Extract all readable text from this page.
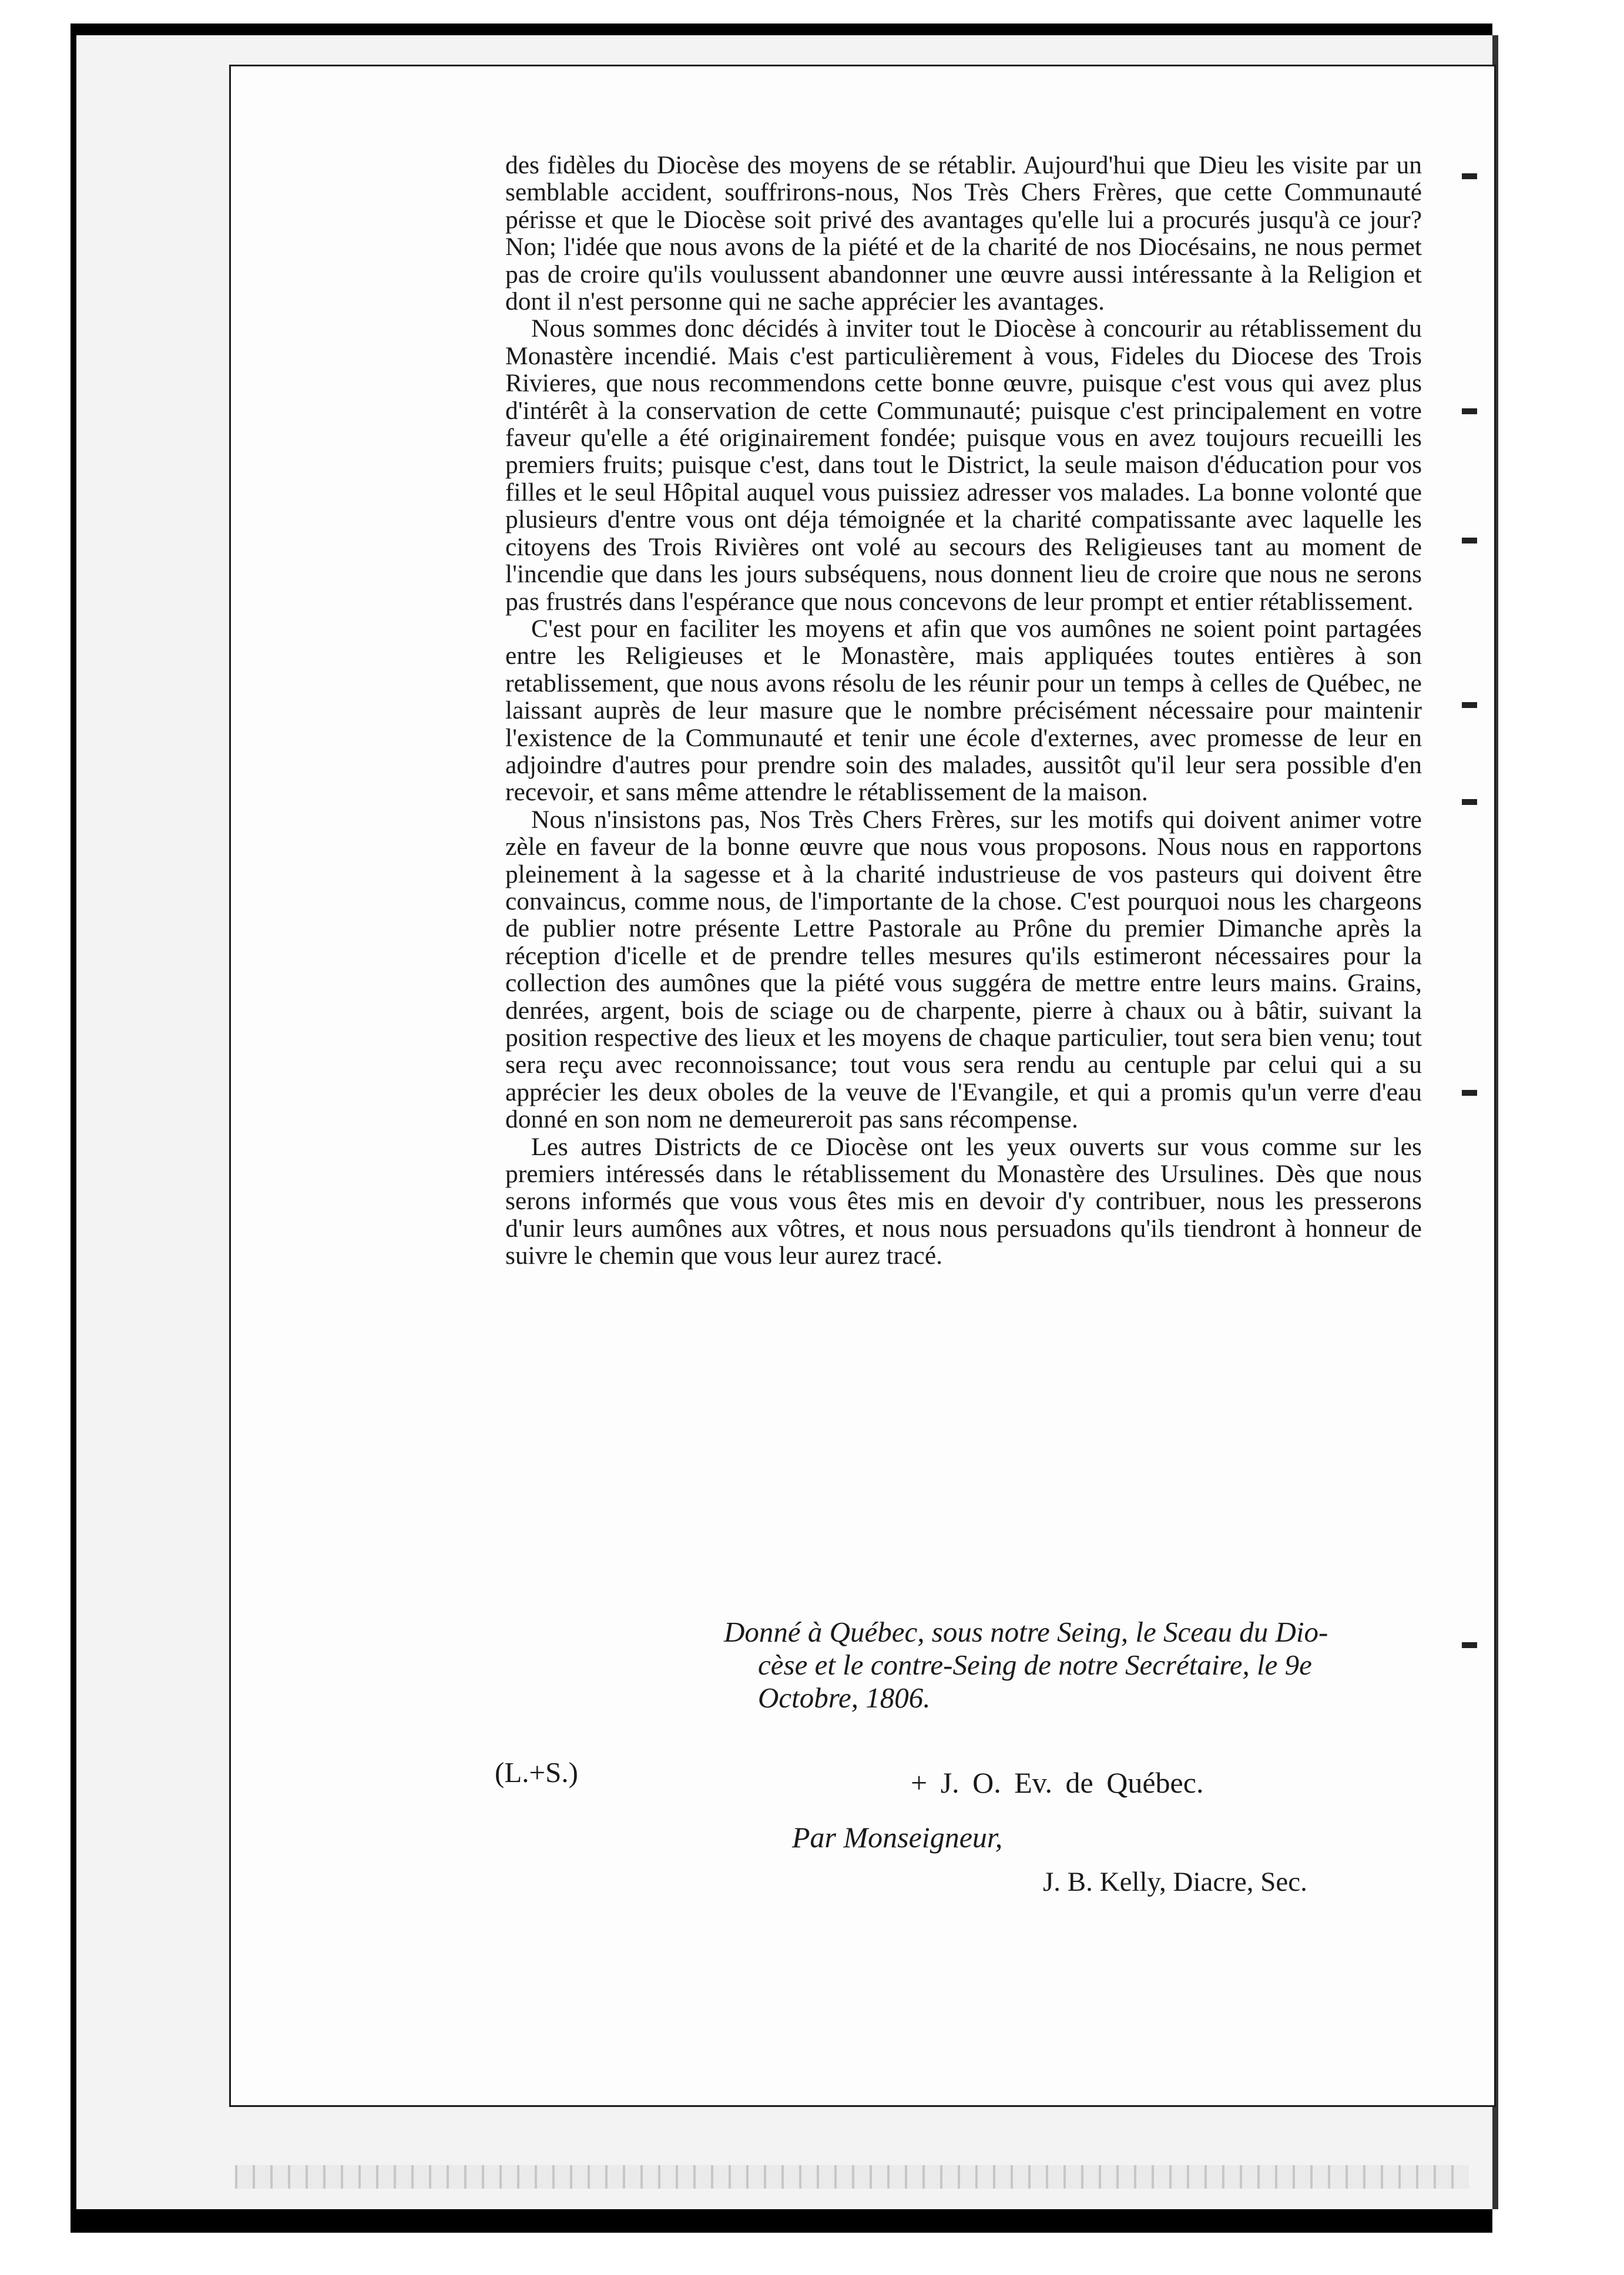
des fidèles du Diocèse des moyens de se rétablir. Aujourd'hui que Dieu les visite par un semblable accident, souffrirons-nous, Nos Très Chers Frères, que cette Communauté périsse et que le Diocèse soit privé des avantages qu'elle lui a procurés jusqu'à ce jour? Non; l'idée que nous avons de la piété et de la charité de nos Diocésains, ne nous permet pas de croire qu'ils voulussent abandonner une œuvre aussi intéressante à la Religion et dont il n'est personne qui ne sache apprécier les avantages.

Nous sommes donc décidés à inviter tout le Diocèse à concourir au rétablissement du Monastère incendié. Mais c'est particulièrement à vous, Fideles du Diocese des Trois Rivieres, que nous recommendons cette bonne œuvre, puisque c'est vous qui avez plus d'intérêt à la conservation de cette Communauté; puisque c'est principalement en votre faveur qu'elle a été originairement fondée; puisque vous en avez toujours recueilli les premiers fruits; puisque c'est, dans tout le District, la seule maison d'éducation pour vos filles et le seul Hôpital auquel vous puissiez adresser vos malades. La bonne volonté que plusieurs d'entre vous ont déja témoignée et la charité compatissante avec laquelle les citoyens des Trois Rivières ont volé au secours des Religieuses tant au moment de l'incendie que dans les jours subséquens, nous donnent lieu de croire que nous ne serons pas frustrés dans l'espérance que nous concevons de leur prompt et entier rétablissement.

C'est pour en faciliter les moyens et afin que vos aumônes ne soient point partagées entre les Religieuses et le Monastère, mais appliquées toutes entières à son retablissement, que nous avons résolu de les réunir pour un temps à celles de Québec, ne laissant auprès de leur masure que le nombre précisément nécessaire pour maintenir l'existence de la Communauté et tenir une école d'externes, avec promesse de leur en adjoindre d'autres pour prendre soin des malades, aussitôt qu'il leur sera possible d'en recevoir, et sans même attendre le rétablissement de la maison.

Nous n'insistons pas, Nos Très Chers Frères, sur les motifs qui doivent animer votre zèle en faveur de la bonne œuvre que nous vous proposons. Nous nous en rapportons pleinement à la sagesse et à la charité industrieuse de vos pasteurs qui doivent être convaincus, comme nous, de l'importante de la chose. C'est pourquoi nous les chargeons de publier notre présente Lettre Pastorale au Prône du premier Dimanche après la réception d'icelle et de prendre telles mesures qu'ils estimeront nécessaires pour la collection des aumônes que la piété vous suggéra de mettre entre leurs mains. Grains, denrées, argent, bois de sciage ou de charpente, pierre à chaux ou à bâtir, suivant la position respective des lieux et les moyens de chaque particulier, tout sera bien venu; tout sera reçu avec reconnoissance; tout vous sera rendu au centuple par celui qui a su apprécier les deux oboles de la veuve de l'Evangile, et qui a promis qu'un verre d'eau donné en son nom ne demeureroit pas sans récompense.

Les autres Districts de ce Diocèse ont les yeux ouverts sur vous comme sur les premiers intéressés dans le rétablissement du Monastère des Ursulines. Dès que nous serons informés que vous vous êtes mis en devoir d'y contribuer, nous les presserons d'unir leurs aumônes aux vôtres, et nous nous persuadons qu'ils tiendront à honneur de suivre le chemin que vous leur aurez tracé.

Donné à Québec, sous notre Seing, le Sceau du Dio-
cèse et le contre-Seing de notre Secrétaire, le 9e Octobre, 1806.
(L.+S.)	+ J. O. Ev. de Québec.
Par Monseigneur,
J. B. Kelly, Diacre, Sec.
